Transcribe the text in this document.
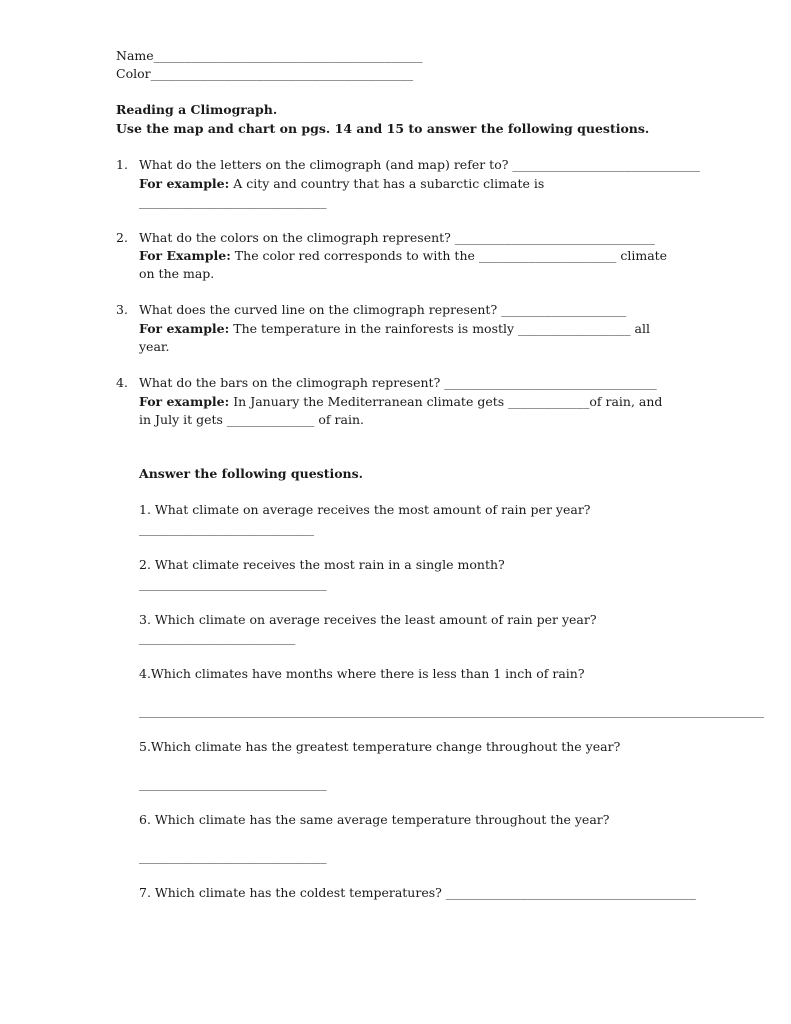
Name___________________________________________
Color__________________________________________
Reading a Climograph.
Use the map and chart on pgs. 14 and 15 to answer the following questions.
1. What do the letters on the climograph (and map) refer to? ______________________________
For example: A city and country that has a subarctic climate is
______________________________
2. What do the colors on the climograph represent? ________________________________
For Example: The color red corresponds to with the ______________________ climate
on the map.
3. What does the curved line on the climograph represent? ____________________
For example: The temperature in the rainforests is mostly __________________ all
year.
4. What do the bars on the climograph represent? __________________________________
For example: In January the Mediterranean climate gets _____________of rain, and
in July it gets ______________ of rain.
Answer the following questions.
1. What climate on average receives the most amount of rain per year?
____________________________
2. What climate receives the most rain in a single month?
______________________________
3. Which climate on average receives the least amount of rain per year?
_________________________
4.Which climates have months where there is less than 1 inch of rain?
____________________________________________________________________________________________________
5.Which climate has the greatest temperature change throughout the year?
______________________________
6. Which climate has the same average temperature throughout the year?
______________________________
7. Which climate has the coldest temperatures? ________________________________________
